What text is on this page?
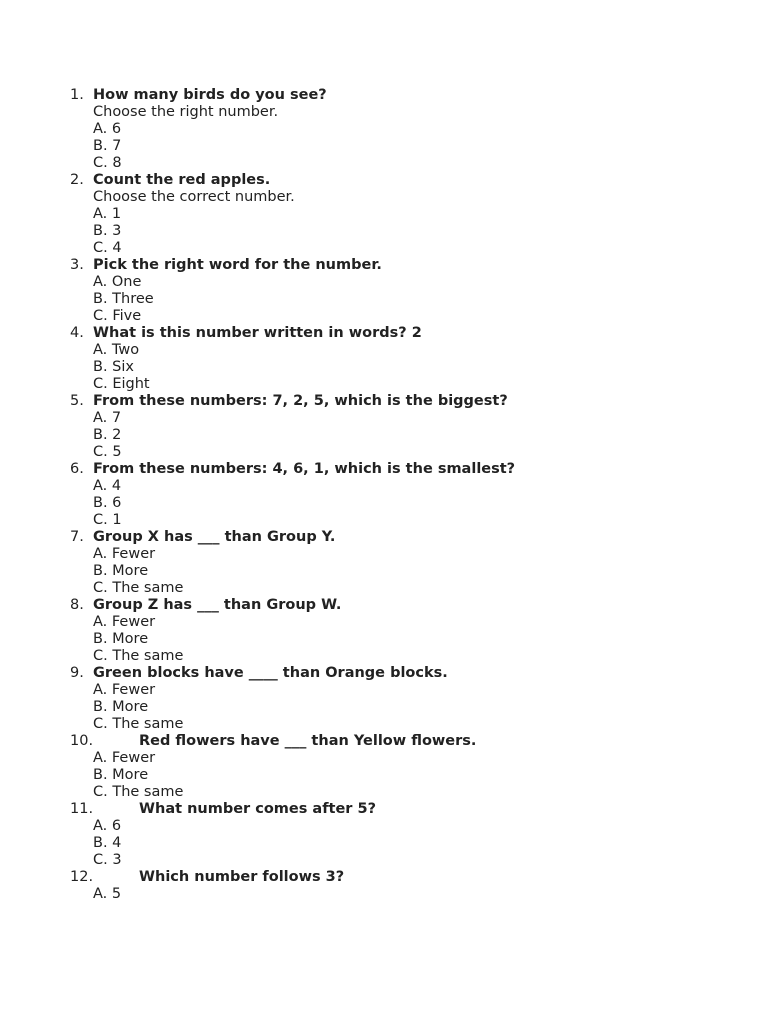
1. How many birds do you see?
Choose the right number.
A. 6
B. 7
C. 8
2. Count the red apples.
Choose the correct number.
A. 1
B. 3
C. 4
3. Pick the right word for the number.
A. One
B. Three
C. Five
4. What is this number written in words? 2
A. Two
B. Six
C. Eight
5. From these numbers: 7, 2, 5, which is the biggest?
A. 7
B. 2
C. 5
6. From these numbers: 4, 6, 1, which is the smallest?
A. 4
B. 6
C. 1
7. Group X has ___ than Group Y.
A. Fewer
B. More
C. The same
8. Group Z has ___ than Group W.
A. Fewer
B. More
C. The same
9. Green blocks have ____ than Orange blocks.
A. Fewer
B. More
C. The same
10.	Red flowers have ___ than Yellow flowers.
A. Fewer
B. More
C. The same
11.	What number comes after 5?
A. 6
B. 4
C. 3
12.	Which number follows 3?
A. 5
